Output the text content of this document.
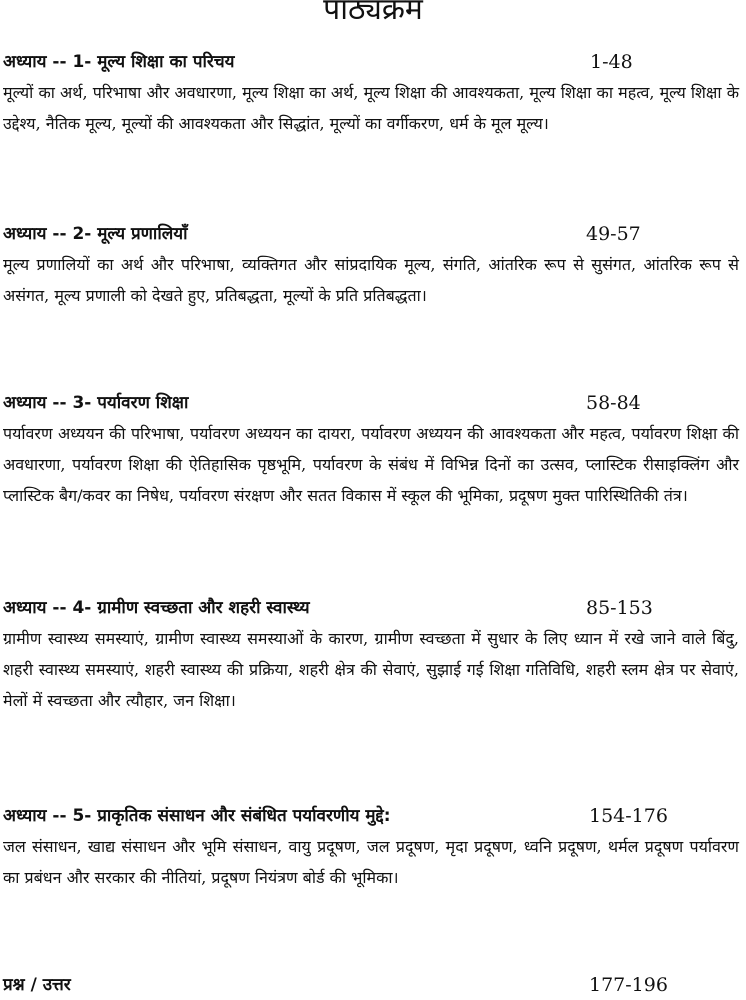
पाठ्यक्रम
अध्याय -- 1- मूल्य शिक्षा का परिचय	1-48

मूल्यों का अर्थ, परिभाषा और अवधारणा, मूल्य शिक्षा का अर्थ, मूल्य शिक्षा की आवश्यकता, मूल्य शिक्षा का महत्व, मूल्य शिक्षा के उद्देश्य, नैतिक मूल्य, मूल्यों की आवश्यकता और सिद्धांत, मूल्यों का वर्गीकरण, धर्म के मूल मूल्य।

अध्याय -- 2- मूल्य प्रणालियाँ	49-57

मूल्य प्रणालियों का अर्थ और परिभाषा, व्यक्तिगत और सांप्रदायिक मूल्य, संगति, आंतरिक रूप से सुसंगत, आंतरिक रूप से असंगत, मूल्य प्रणाली को देखते हुए, प्रतिबद्धता, मूल्यों के प्रति प्रतिबद्धता।

अध्याय -- 3- पर्यावरण शिक्षा	58-84

पर्यावरण अध्ययन की परिभाषा, पर्यावरण अध्ययन का दायरा, पर्यावरण अध्ययन की आवश्यकता और महत्व, पर्यावरण शिक्षा की अवधारणा, पर्यावरण शिक्षा की ऐतिहासिक पृष्ठभूमि, पर्यावरण के संबंध में विभिन्न दिनों का उत्सव, प्लास्टिक रीसाइक्लिंग और प्लास्टिक बैग/कवर का निषेध, पर्यावरण संरक्षण और सतत विकास में स्कूल की भूमिका, प्रदूषण मुक्त पारिस्थितिकी तंत्र।

अध्याय -- 4- ग्रामीण स्वच्छता और शहरी स्वास्थ्य	85-153

ग्रामीण स्वास्थ्य समस्याएं, ग्रामीण स्वास्थ्य समस्याओं के कारण, ग्रामीण स्वच्छता में सुधार के लिए ध्यान में रखे जाने वाले बिंदु, शहरी स्वास्थ्य समस्याएं, शहरी स्वास्थ्य की प्रक्रिया, शहरी क्षेत्र की सेवाएं, सुझाई गई शिक्षा गतिविधि, शहरी स्लम क्षेत्र पर सेवाएं, मेलों में स्वच्छता और त्यौहार, जन शिक्षा।

अध्याय -- 5- प्राकृतिक संसाधन और संबंधित पर्यावरणीय मुद्दे:	154-176

जल संसाधन, खाद्य संसाधन और भूमि संसाधन, वायु प्रदूषण, जल प्रदूषण, मृदा प्रदूषण, ध्वनि प्रदूषण, थर्मल प्रदूषण पर्यावरण का प्रबंधन और सरकार की नीतियां, प्रदूषण नियंत्रण बोर्ड की भूमिका।

प्रश्न / उत्तर	177-196
